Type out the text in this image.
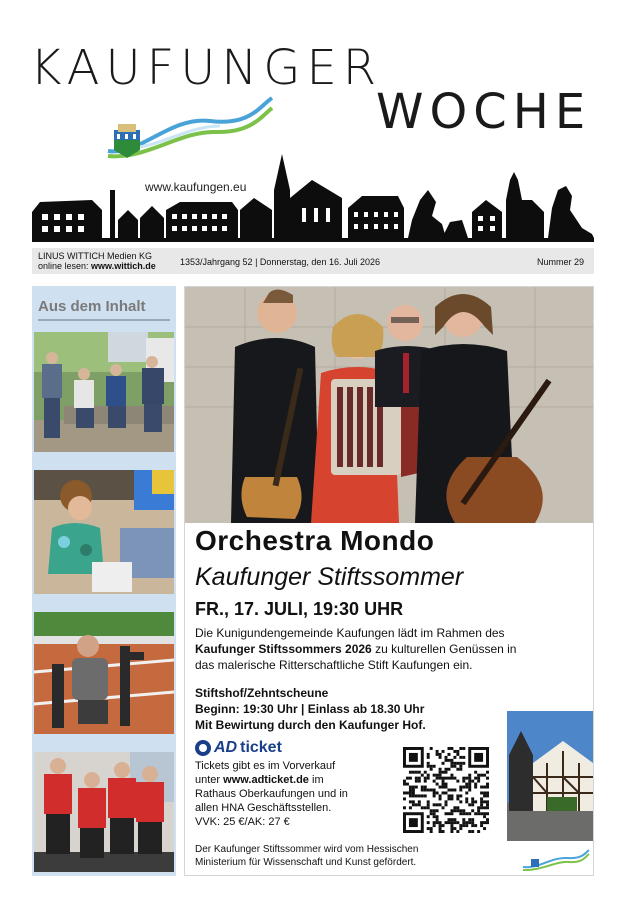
KAUFUNGER
WOCHE
www.kaufungen.eu
LINUS WITTICH Medien KG
online lesen: www.wittich.de	1353/Jahrgang 52 | Donnerstag, den 16. Juli 2026	Nummer 29
Aus dem Inhalt
Orchestra Mondo
Kaufunger Stiftssommer
FR., 17. JULI, 19:30 UHR
Die Kunigundengemeinde Kaufungen lädt im Rahmen des
Kaufunger Stiftssommers 2026 zu kulturellen Genüssen in
das malerische Ritterschaftliche Stift Kaufungen ein.
Stiftshof/Zehntscheune
Beginn: 19:30 Uhr | Einlass ab 18.30 Uhr
Mit Bewirtung durch den Kaufunger Hof.
AD ticket
Tickets gibt es im Vorverkauf
unter www.adticket.de im
Rathaus Oberkaufungen und in
allen HNA Geschäftsstellen.
VVK: 25 €/AK: 27 €
Der Kaufunger Stiftssommer wird vom Hessischen
Ministerium für Wissenschaft und Kunst gefördert.
